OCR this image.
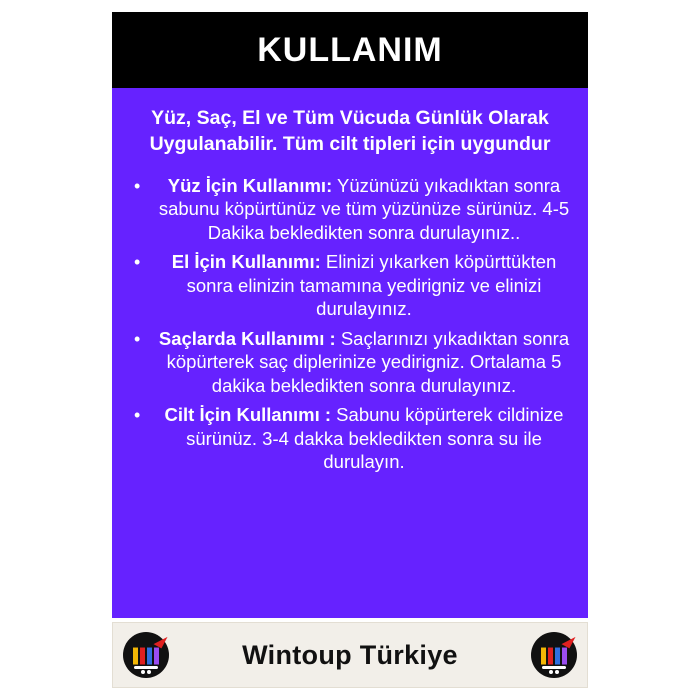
KULLANIM
Yüz, Saç, El ve Tüm Vücuda Günlük Olarak Uygulanabilir. Tüm cilt tipleri için uygundur
• Yüz İçin Kullanımı: Yüzünüzü yıkadıktan sonra sabunu köpürtünüz ve tüm yüzünüze sürünüz. 4-5 Dakika bekledikten sonra durulayınız..
• El İçin Kullanımı: Elinizi yıkarken köpürttükten sonra elinizin tamamına yedirigniz ve elinizi durulayınız.
• Saçlarda Kullanımı : Saçlarınızı yıkadıktan sonra köpürterek saç diplerinize yedirigniz. Ortalama 5 dakika bekledikten sonra durulayınız.
• Cilt İçin Kullanımı : Sabunu köpürterek cildinize sürünüz. 3-4 dakka bekledikten sonra su ile durulayın.
Wintoup Türkiye
